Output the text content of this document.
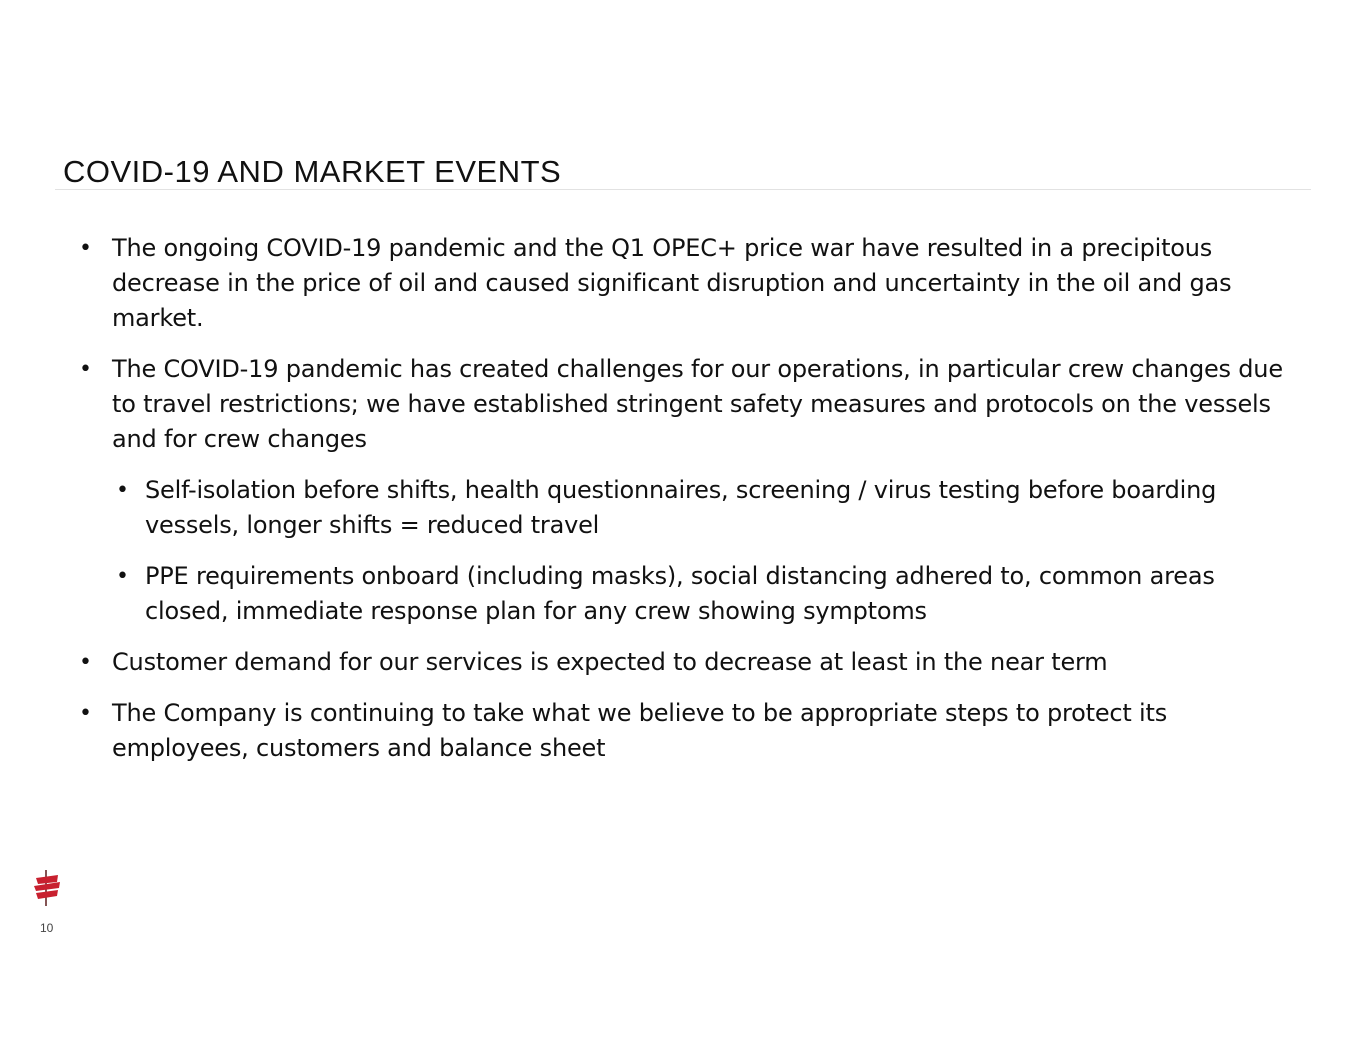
COVID-19 AND MARKET EVENTS
• The ongoing COVID-19 pandemic and the Q1 OPEC+ price war have resulted in a precipitous decrease in the price of oil and caused significant disruption and uncertainty in the oil and gas market.
• The COVID-19 pandemic has created challenges for our operations, in particular crew changes due to travel restrictions; we have established stringent safety measures and protocols on the vessels and for crew changes
• Self-isolation before shifts, health questionnaires, screening / virus testing before boarding vessels, longer shifts = reduced travel
• PPE requirements onboard (including masks), social distancing adhered to, common areas closed, immediate response plan for any crew showing symptoms
• Customer demand for our services is expected to decrease at least in the near term
• The Company is continuing to take what we believe to be appropriate steps to protect its employees, customers and balance sheet
10
